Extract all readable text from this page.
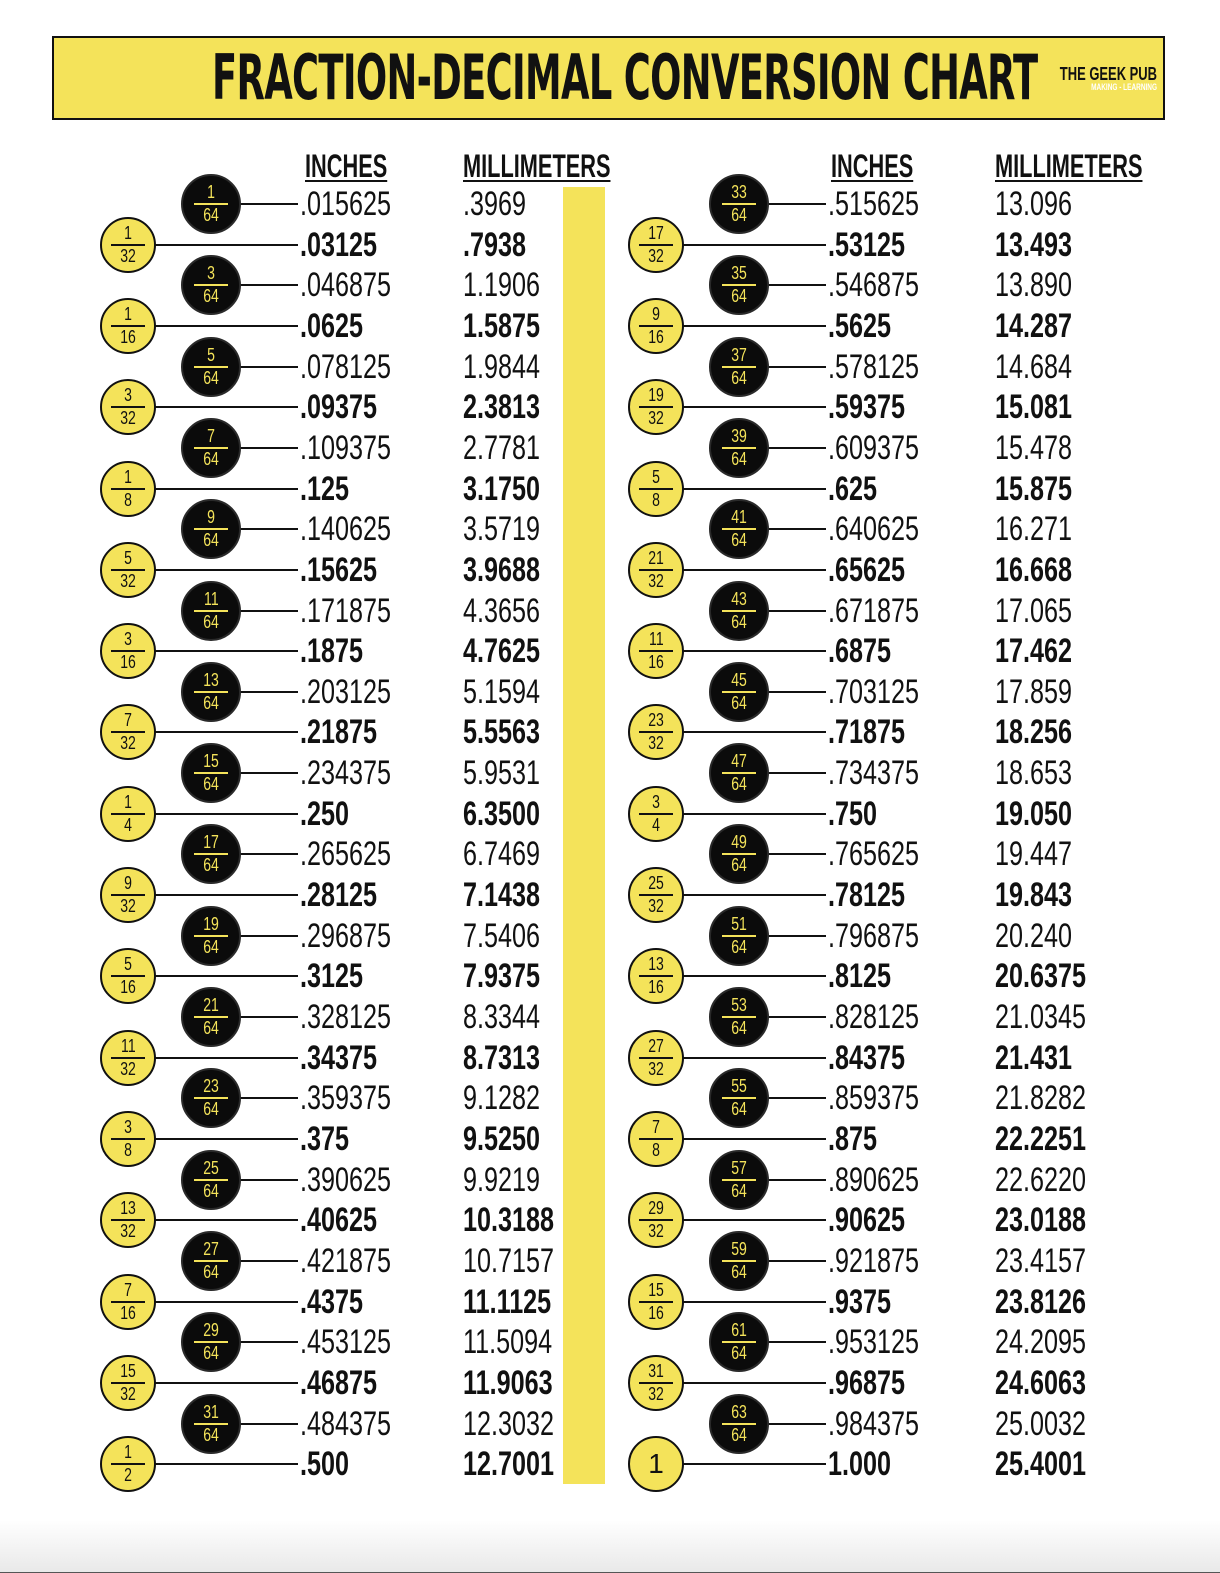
FRACTION-DECIMAL CONVERSION CHART THE GEEK PUB
MAKING - LEARNING
INCHES MILLIMETERS	INCHES	MILLIMETERS
1
64 .015625 .3969
1
32	.03125	.7938
3
64 .046875 1.1906
1
16	.0625	1.5875
5
64 .078125 1.9844
3
32	.09375	2.3813
7
64 .109375 2.7781
1
8	.125	3.1750
9
64 .140625 3.5719
5
32	.15625	3.9688
11
64 .171875 4.3656
3
16	.1875	4.7625
13
64 .203125 5.1594
7
32	.21875	5.5563
15
64 .234375 5.9531
1
4	.250	6.3500
17
64 .265625 6.7469
9
32	.28125	7.1438
19
64 .296875 7.5406
5
16	.3125	7.9375
21
64 .328125 8.3344
11
32	.34375	8.7313
23
64 .359375 9.1282
3
8	.375	9.5250
25
64 .390625 9.9219
13
32	.40625	10.3188
27
64 .421875 10.7157
7
16	.4375	11.1125
29
64 .453125 11.5094
15
32	.46875	11.9063
31
64 .484375 12.3032
1
2	.500	12.7001
33
64 .515625 13.096
17
32	.53125	13.493
35
64 .546875 13.890
9
16	.5625	14.287
37
64 .578125 14.684
19
32	.59375	15.081
39
64 .609375 15.478
5
8	.625	15.875
41
64 .640625 16.271
21
32	.65625	16.668
43
64 .671875 17.065
11
16	.6875	17.462
45
64 .703125 17.859
23
32	.71875	18.256
47
64 .734375 18.653
3
4	.750	19.050
49
64 .765625 19.447
25
32	.78125	19.843
51
64 .796875 20.240
13
16	.8125	20.6375
53
64 .828125 21.0345
27
32	.84375	21.431
55
64 .859375 21.8282
7
8	.875	22.2251
57
64 .890625 22.6220
29
32	.90625	23.0188
59
64 .921875 23.4157
15
16	.9375	23.8126
61
64 .953125 24.2095
31
32	.96875	24.6063
63
64 .984375 25.0032
1	1.000	25.4001
